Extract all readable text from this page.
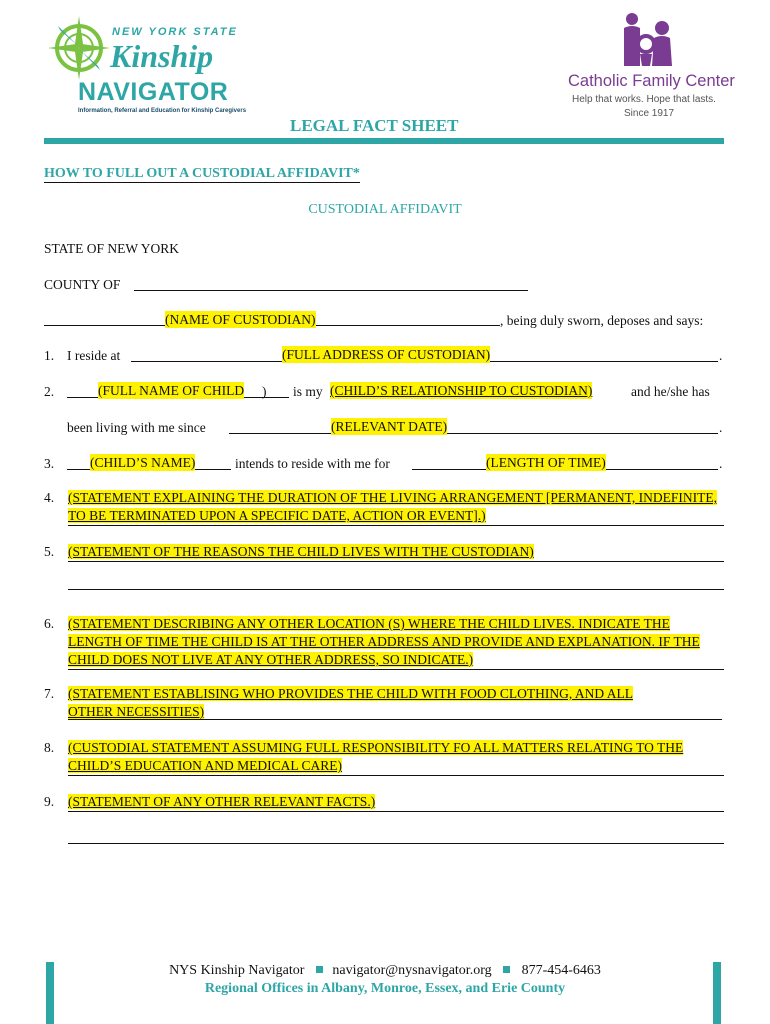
NEW YORK STATE
Kinship
NAVIGATOR
Information, Referral and Education for Kinship Caregivers
Catholic Family Center
Help that works. Hope that lasts.
Since 1917
LEGAL FACT SHEET
HOW TO FULL OUT A CUSTODIAL AFFIDAVIT*
CUSTODIAL AFFIDAVIT
STATE OF NEW YORK
COUNTY OF
(NAME OF CUSTODIAN)	, being duly sworn, deposes and says:
1. I reside at	(FULL ADDRESS OF CUSTODIAN)	.
2.	(FULL NAME OF CHILD ) is my (CHILD’S RELATIONSHIP TO CUSTODIAN)	and he/she has
been living with me since	(RELEVANT DATE)	.
3.	(CHILD’S NAME)	intends to reside with me for	(LENGTH OF TIME)	.
4. (STATEMENT EXPLAINING THE DURATION OF THE LIVING ARRANGEMENT [PERMANENT, INDEFINITE, TO BE TERMINATED UPON A SPECIFIC DATE, ACTION OR EVENT].)
5. (STATEMENT OF THE REASONS THE CHILD LIVES WITH THE CUSTODIAN)
6. (STATEMENT DESCRIBING ANY OTHER LOCATION (S) WHERE THE CHILD LIVES. INDICATE THE LENGTH OF TIME THE CHILD IS AT THE OTHER ADDRESS AND PROVIDE AND EXPLANATION. IF THE CHILD DOES NOT LIVE AT ANY OTHER ADDRESS, SO INDICATE.)
7. (STATEMENT ESTABLISING WHO PROVIDES THE CHILD WITH FOOD CLOTHING, AND ALL OTHER NECESSITIES)
8. (CUSTODIAL STATEMENT ASSUMING FULL RESPONSIBILITY FO ALL MATTERS RELATING TO THE CHILD’S EDUCATION AND MEDICAL CARE)
9. (STATEMENT OF ANY OTHER RELEVANT FACTS.)
NYS Kinship Navigator navigator@nysnavigator.org 877-454-6463
Regional Offices in Albany, Monroe, Essex, and Erie County
